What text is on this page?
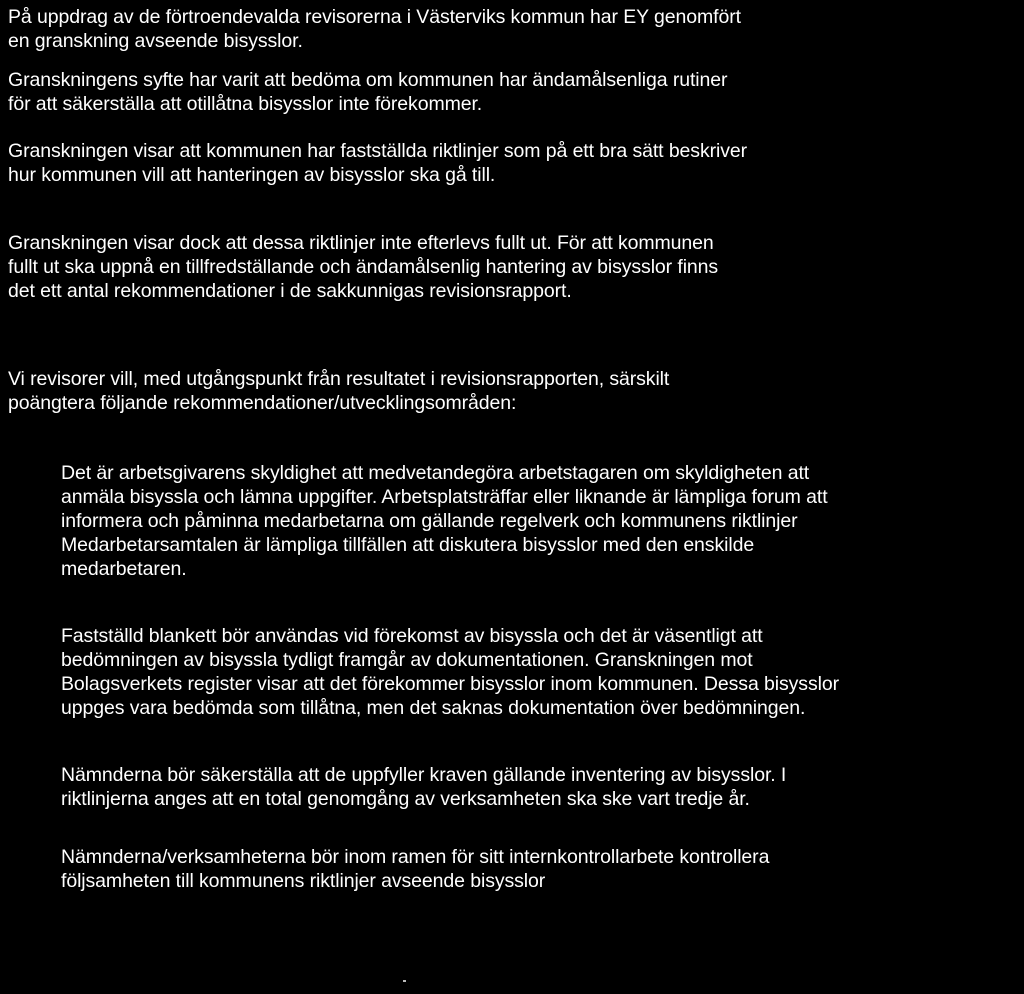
På uppdrag av de förtroendevalda revisorerna i Västerviks kommun har EY genomfört
en granskning avseende bisysslor.

Granskningens syfte har varit att bedöma om kommunen har ändamålsenliga rutiner
för att säkerställa att otillåtna bisysslor inte förekommer.

Granskningen visar att kommunen har fastställda riktlinjer som på ett bra sätt beskriver
hur kommunen vill att hanteringen av bisysslor ska gå till.

Granskningen visar dock att dessa riktlinjer inte efterlevs fullt ut. För att kommunen
fullt ut ska uppnå en tillfredställande och ändamålsenlig hantering av bisysslor finns
det ett antal rekommendationer i de sakkunnigas revisionsrapport.

Vi revisorer vill, med utgångspunkt från resultatet i revisionsrapporten, särskilt
poängtera följande rekommendationer/utvecklingsområden:

Det är arbetsgivarens skyldighet att medvetandegöra arbetstagaren om skyldigheten att
anmäla bisyssla och lämna uppgifter. Arbetsplatsträffar eller liknande är lämpliga forum att
informera och påminna medarbetarna om gällande regelverk och kommunens riktlinjer
Medarbetarsamtalen är lämpliga tillfällen att diskutera bisysslor med den enskilde
medarbetaren.

Fastställd blankett bör användas vid förekomst av bisyssla och det är väsentligt att
bedömningen av bisyssla tydligt framgår av dokumentationen. Granskningen mot
Bolagsverkets register visar att det förekommer bisysslor inom kommunen. Dessa bisysslor
uppges vara bedömda som tillåtna, men det saknas dokumentation över bedömningen.

Nämnderna bör säkerställa att de uppfyller kraven gällande inventering av bisysslor. I
riktlinjerna anges att en total genomgång av verksamheten ska ske vart tredje år.

Nämnderna/verksamheterna bör inom ramen för sitt internkontrollarbete kontrollera
följsamheten till kommunens riktlinjer avseende bisysslor
